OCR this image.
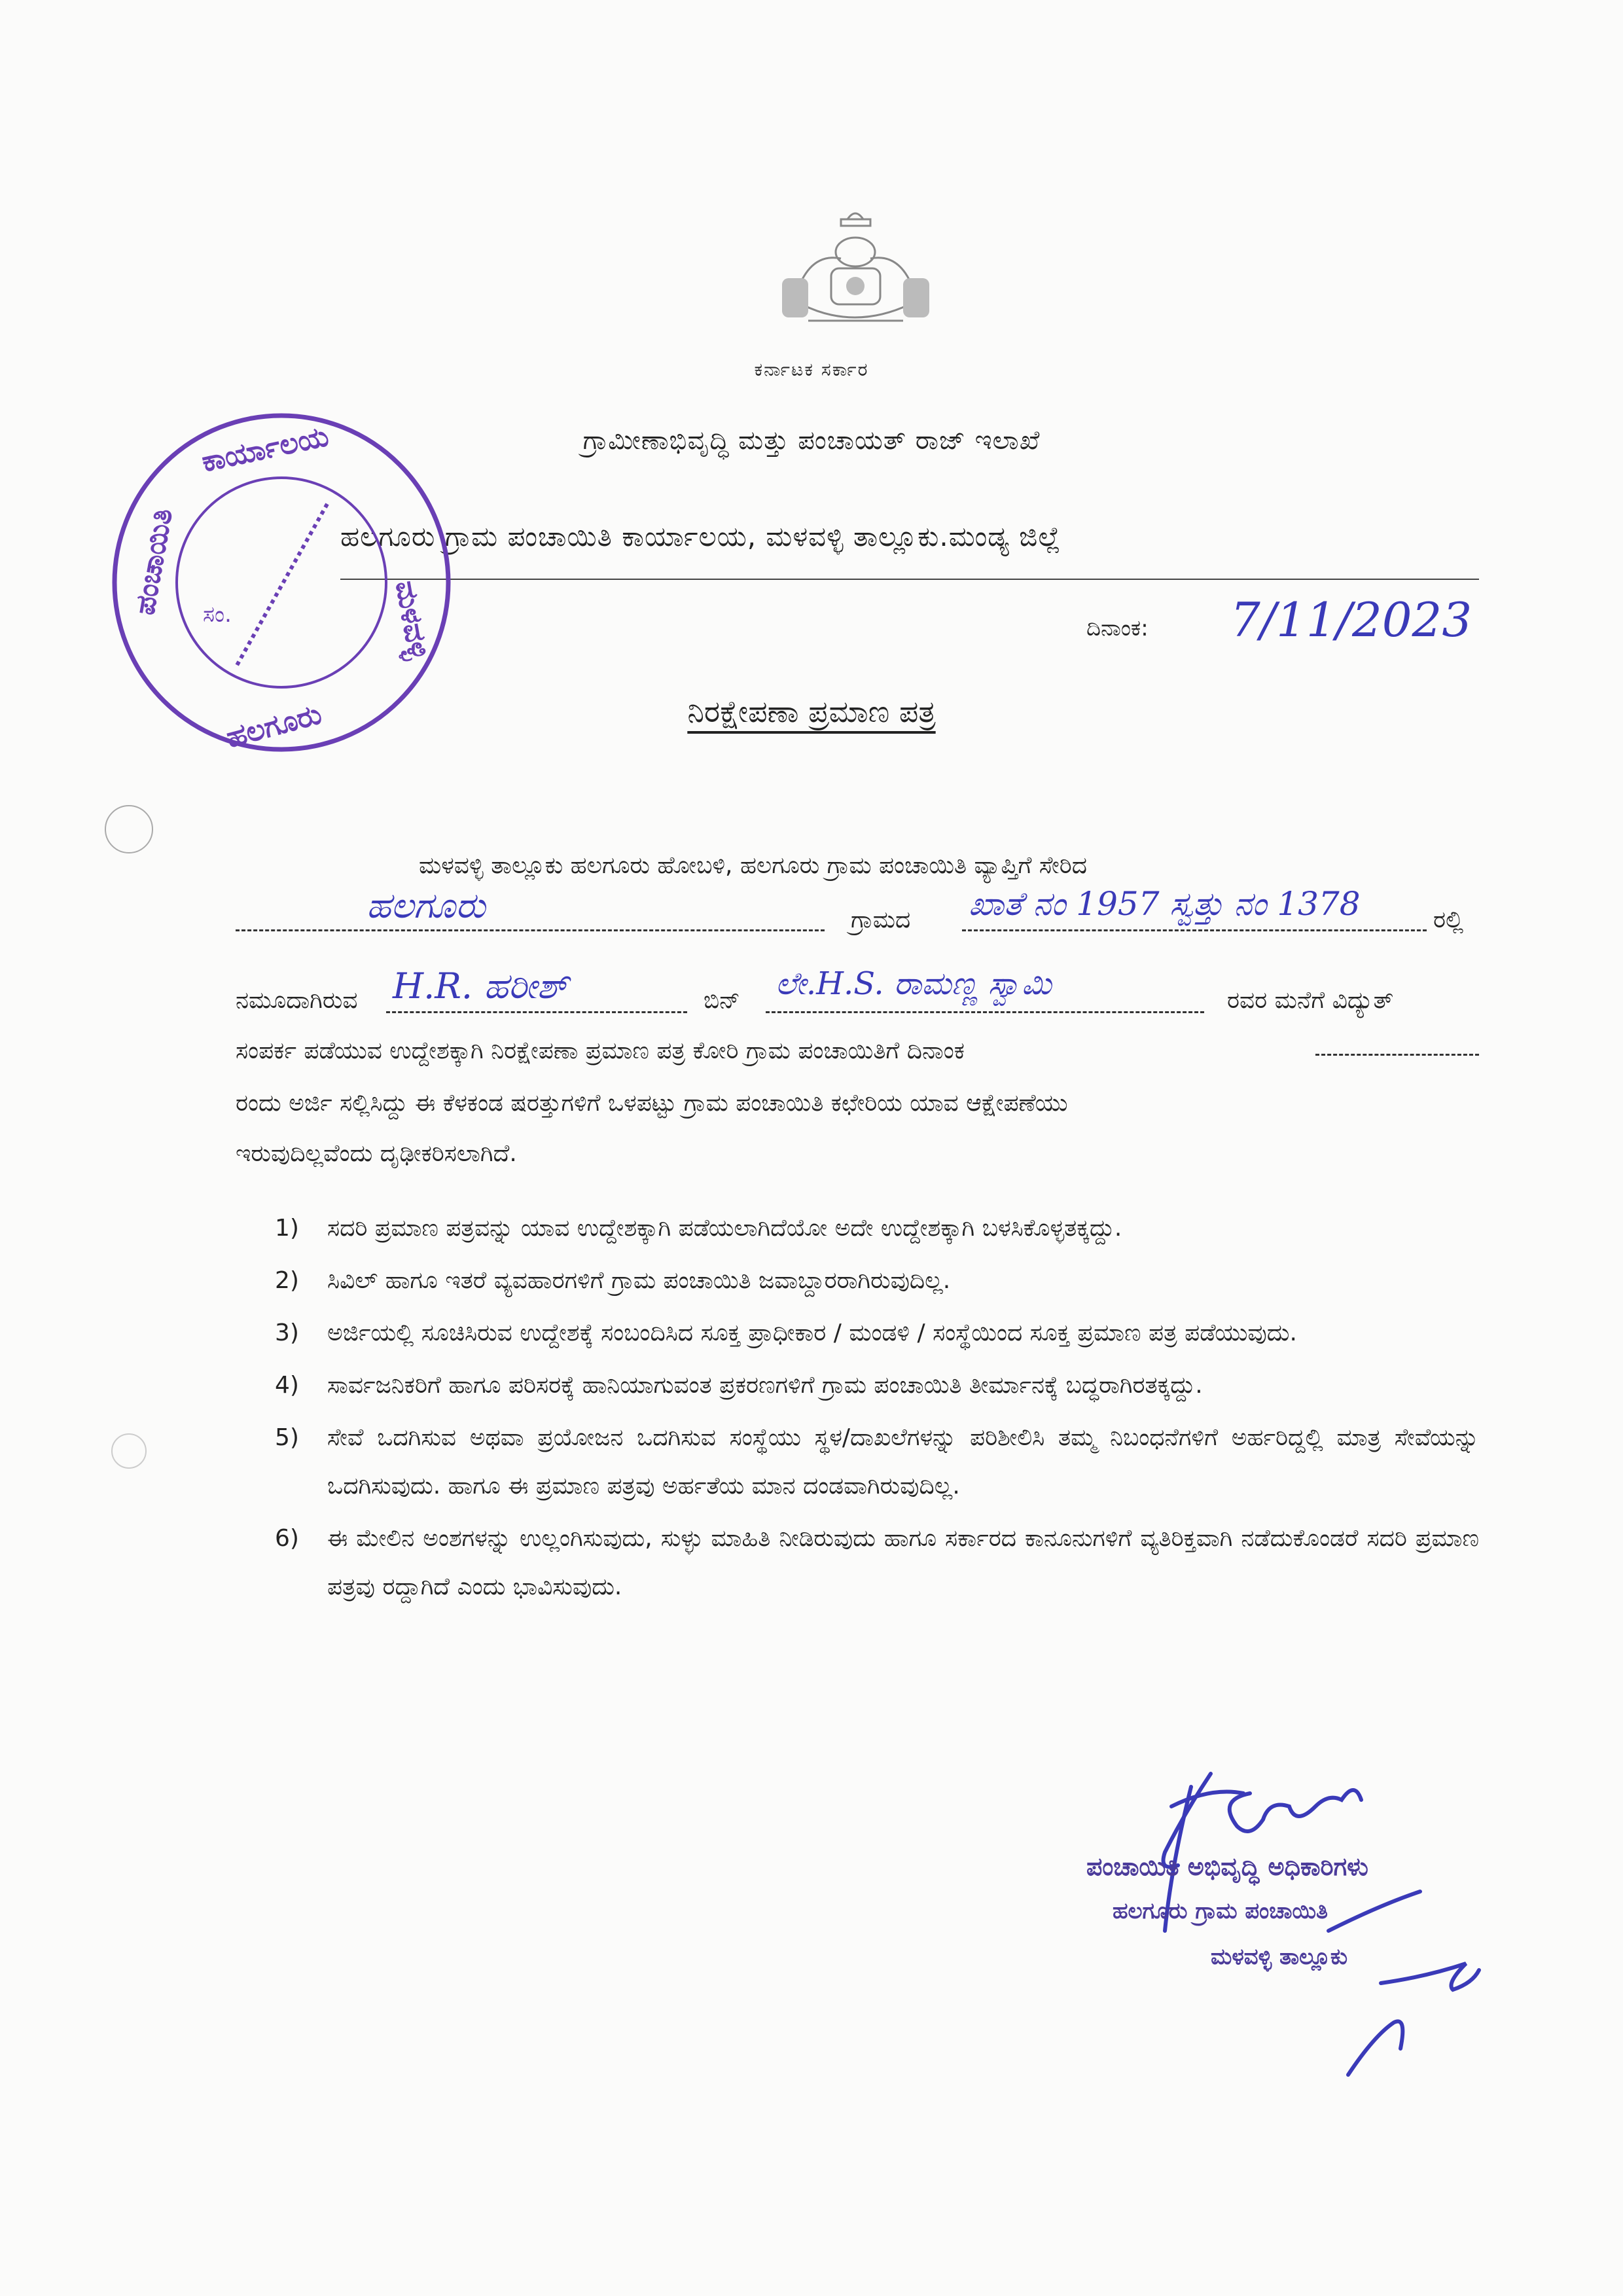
ಕರ್ನಾಟಕ ಸರ್ಕಾರ
ಗ್ರಾಮೀಣಾಭಿವೃದ್ಧಿ ಮತ್ತು ಪಂಚಾಯತ್ ರಾಜ್ ಇಲಾಖೆ
ಹಲಗೂರು ಗ್ರಾಮ ಪಂಚಾಯಿತಿ ಕಾರ್ಯಾಲಯ, ಮಳವಳ್ಳಿ ತಾಲ್ಲೂಕು.ಮಂಡ್ಯ ಜಿಲ್ಲೆ
ದಿನಾಂಕ: 7/11/2023
ಕಾರ್ಯಾಲಯ
ಮಳವಳ್ಳಿ
ಹಲಗೂರು
ಪಂಚಾಯಿತಿ ಸಂ.
ನಿರಕ್ಷೇಪಣಾ ಪ್ರಮಾಣ ಪತ್ರ
ಮಳವಳ್ಳಿ ತಾಲ್ಲೂಕು ಹಲಗೂರು ಹೋಬಳಿ, ಹಲಗೂರು ಗ್ರಾಮ ಪಂಚಾಯಿತಿ ವ್ಯಾಪ್ತಿಗೆ ಸೇರಿದ
ಹಲಗೂರು	ಗ್ರಾಮದ ಖಾತೆ ನಂ 1957 ಸ್ವತ್ತು ನಂ 1378	ರಲ್ಲಿ
ನಮೂದಾಗಿರುವ H.R. ಹರೀಶ್	ಬಿನ್ ಲೇ.H.S. ರಾಮಣ್ಣ ಸ್ವಾಮಿ	ರವರ ಮನೆಗೆ ವಿದ್ಯುತ್
ಸಂಪರ್ಕ ಪಡೆಯುವ ಉದ್ದೇಶಕ್ಕಾಗಿ ನಿರಕ್ಷೇಪಣಾ ಪ್ರಮಾಣ ಪತ್ರ ಕೋರಿ ಗ್ರಾಮ ಪಂಚಾಯಿತಿಗೆ ದಿನಾಂಕ
ರಂದು ಅರ್ಜಿ ಸಲ್ಲಿಸಿದ್ದು ಈ ಕೆಳಕಂಡ ಷರತ್ತುಗಳಿಗೆ ಒಳಪಟ್ಟು ಗ್ರಾಮ ಪಂಚಾಯಿತಿ ಕಛೇರಿಯ ಯಾವ ಆಕ್ಷೇಪಣೆಯು
ಇರುವುದಿಲ್ಲವೆಂದು ದೃಢೀಕರಿಸಲಾಗಿದೆ.
1) ಸದರಿ ಪ್ರಮಾಣ ಪತ್ರವನ್ನು ಯಾವ ಉದ್ದೇಶಕ್ಕಾಗಿ ಪಡೆಯಲಾಗಿದೆಯೋ ಅದೇ ಉದ್ದೇಶಕ್ಕಾಗಿ ಬಳಸಿಕೊಳ್ಳತಕ್ಕದ್ದು.
2) ಸಿವಿಲ್ ಹಾಗೂ ಇತರೆ ವ್ಯವಹಾರಗಳಿಗೆ ಗ್ರಾಮ ಪಂಚಾಯಿತಿ ಜವಾಬ್ದಾರರಾಗಿರುವುದಿಲ್ಲ.
3) ಅರ್ಜಿಯಲ್ಲಿ ಸೂಚಿಸಿರುವ ಉದ್ದೇಶಕ್ಕೆ ಸಂಬಂದಿಸಿದ ಸೂಕ್ತ ಪ್ರಾಧೀಕಾರ / ಮಂಡಳಿ / ಸಂಸ್ಥೆಯಿಂದ ಸೂಕ್ತ ಪ್ರಮಾಣ ಪತ್ರ ಪಡೆಯುವುದು.
4) ಸಾರ್ವಜನಿಕರಿಗೆ ಹಾಗೂ ಪರಿಸರಕ್ಕೆ ಹಾನಿಯಾಗುವಂತ ಪ್ರಕರಣಗಳಿಗೆ ಗ್ರಾಮ ಪಂಚಾಯಿತಿ ತೀರ್ಮಾನಕ್ಕೆ ಬದ್ಧರಾಗಿರತಕ್ಕದ್ದು.
5) ಸೇವೆ ಒದಗಿಸುವ ಅಥವಾ ಪ್ರಯೋಜನ ಒದಗಿಸುವ ಸಂಸ್ಥೆಯು ಸ್ಥಳ/ದಾಖಲೆಗಳನ್ನು ಪರಿಶೀಲಿಸಿ ತಮ್ಮ ನಿಬಂಧನೆಗಳಿಗೆ ಅರ್ಹರಿದ್ದಲ್ಲಿ ಮಾತ್ರ ಸೇವೆಯನ್ನು ಒದಗಿಸುವುದು. ಹಾಗೂ ಈ ಪ್ರಮಾಣ ಪತ್ರವು ಅರ್ಹತೆಯ ಮಾನ ದಂಡವಾಗಿರುವುದಿಲ್ಲ.
6) ಈ ಮೇಲಿನ ಅಂಶಗಳನ್ನು ಉಲ್ಲಂಗಿಸುವುದು, ಸುಳ್ಳು ಮಾಹಿತಿ ನೀಡಿರುವುದು ಹಾಗೂ ಸರ್ಕಾರದ ಕಾನೂನುಗಳಿಗೆ ವ್ಯತಿರಿಕ್ತವಾಗಿ ನಡೆದುಕೊಂಡರೆ ಸದರಿ ಪ್ರಮಾಣ ಪತ್ರವು ರದ್ದಾಗಿದೆ ಎಂದು ಭಾವಿಸುವುದು.
ಪಂಚಾಯಿತಿ ಅಭಿವೃದ್ಧಿ ಅಧಿಕಾರಿಗಳು
ಹಲಗೂರು ಗ್ರಾಮ ಪಂಚಾಯಿತಿ
ಮಳವಳ್ಳಿ ತಾಲ್ಲೂಕು
